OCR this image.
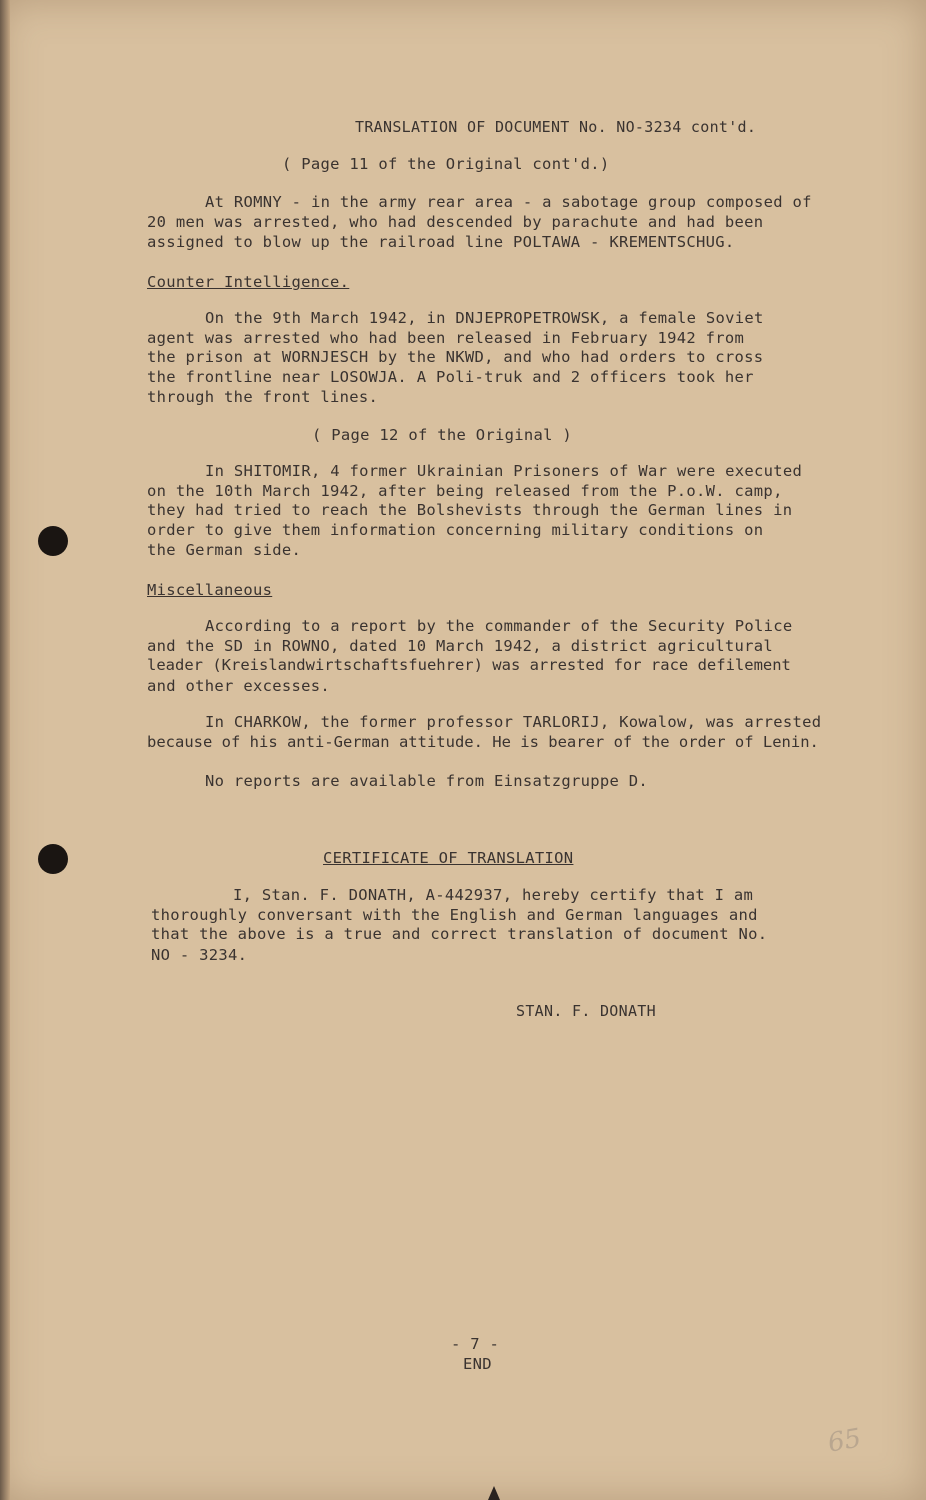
TRANSLATION OF DOCUMENT No. NO-3234 cont'd.
( Page 11 of the Original cont'd.)
At ROMNY - in the army rear area - a sabotage group composed of
20 men was arrested, who had descended by parachute and had been
assigned to blow up the railroad line POLTAWA - KREMENTSCHUG.
Counter Intelligence.
On the 9th March 1942, in DNJEPROPETROWSK, a female Soviet
agent was arrested who had been released in February 1942 from
the prison at WORNJESCH by the NKWD, and who had orders to cross
the frontline near LOSOWJA. A Poli-truk and 2 officers took her
through the front lines.
( Page 12 of the Original )
In SHITOMIR, 4 former Ukrainian Prisoners of War were executed
on the 10th March 1942, after being released from the P.o.W. camp,
they had tried to reach the Bolshevists through the German lines in
order to give them information concerning military conditions on
the German side.
Miscellaneous
According to a report by the commander of the Security Police
and the SD in ROWNO, dated 10 March 1942, a district agricultural
leader (Kreislandwirtschaftsfuehrer) was arrested for race defilement
and other excesses.
In CHARKOW, the former professor TARLORIJ, Kowalow, was arrested
because of his anti-German attitude. He is bearer of the order of Lenin.
No reports are available from Einsatzgruppe D.
CERTIFICATE OF TRANSLATION
I, Stan. F. DONATH, A-442937, hereby certify that I am
thoroughly conversant with the English and German languages and
that the above is a true and correct translation of document No.
NO - 3234.
STAN. F. DONATH
- 7 -
END
65
